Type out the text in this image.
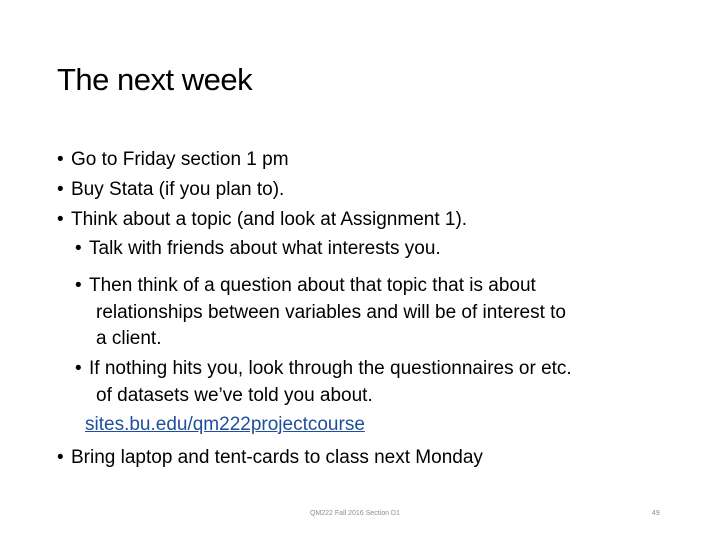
The next week
• Go to Friday section 1 pm
• Buy Stata (if you plan to).
• Think about a topic (and look at Assignment 1).
• Talk with friends about what interests you.
• Then think of a question about that topic that is about
relationships between variables and will be of interest to
a client.
• If nothing hits you, look through the questionnaires or etc.
of datasets we’ve told you about.
sites.bu.edu/qm222projectcourse
• Bring laptop and tent-cards to class next Monday
QM222 Fall 2016 Section D1	49
